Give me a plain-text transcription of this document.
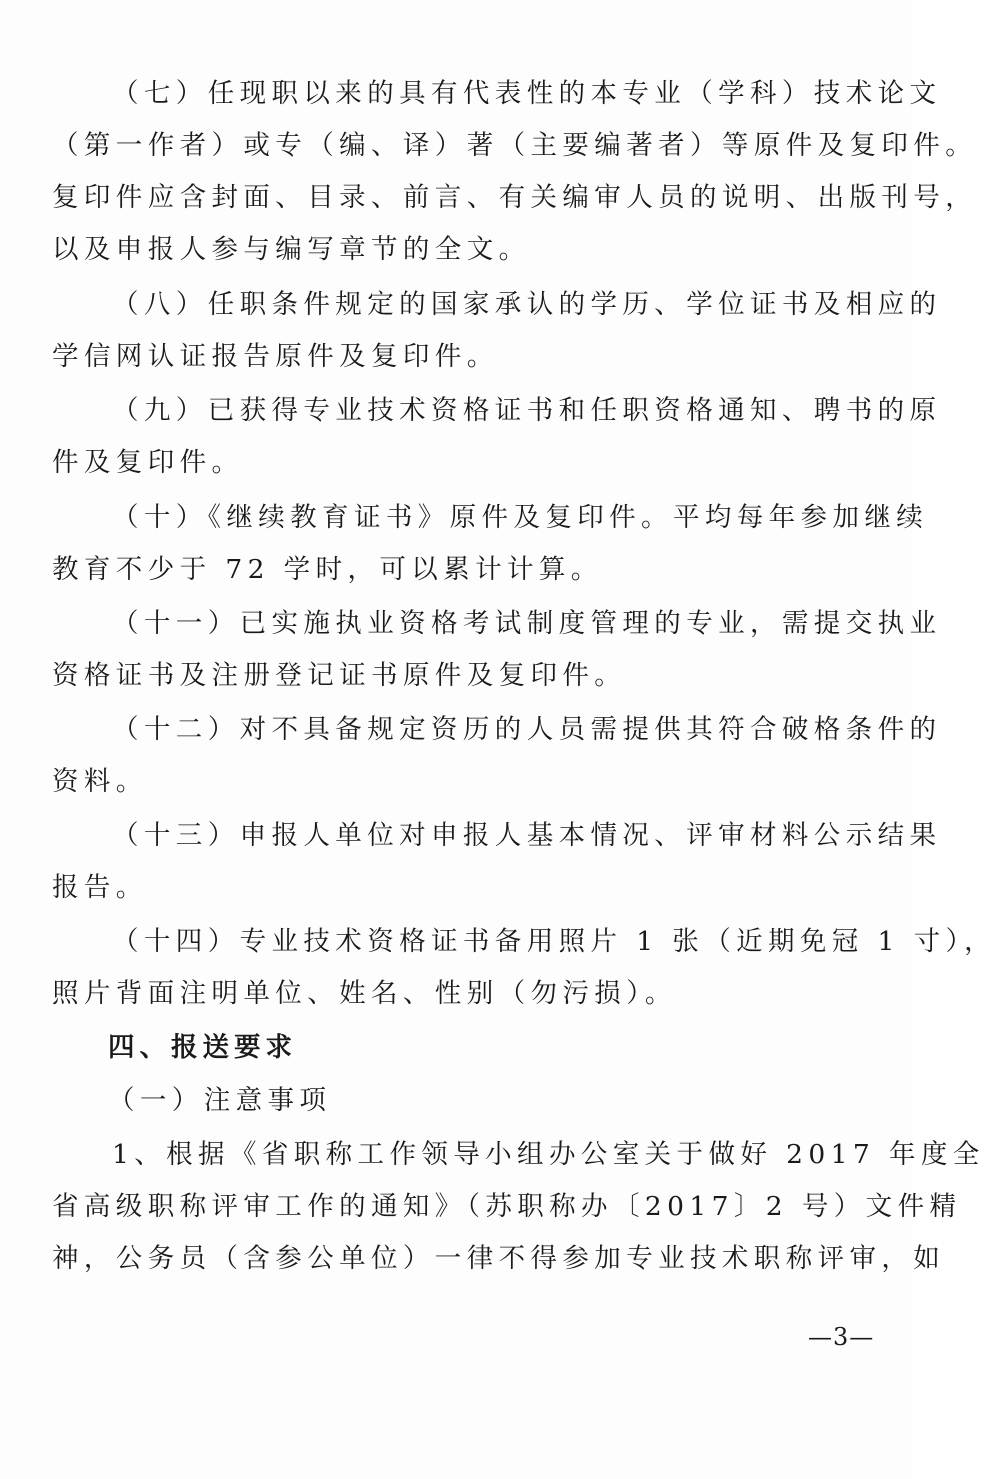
（七）任现职以来的具有代表性的本专业（学科）技术论文
（第一作者）或专（编、译）著（主要编著者）等原件及复印件。
复印件应含封面、目录、前言、有关编审人员的说明、出版刊号，
以及申报人参与编写章节的全文。
（八）任职条件规定的国家承认的学历、学位证书及相应的
学信网认证报告原件及复印件。
（九）已获得专业技术资格证书和任职资格通知、聘书的原
件及复印件。
（十）《继续教育证书》原件及复印件。平均每年参加继续
教育不少于 72 学时，可以累计计算。
（十一）已实施执业资格考试制度管理的专业，需提交执业
资格证书及注册登记证书原件及复印件。
（十二）对不具备规定资历的人员需提供其符合破格条件的
资料。
（十三）申报人单位对申报人基本情况、评审材料公示结果
报告。
（十四）专业技术资格证书备用照片 1 张（近期免冠 1 寸），
照片背面注明单位、姓名、性别（勿污损）。
四、报送要求
（一）注意事项
1、根据《省职称工作领导小组办公室关于做好 2017 年度全
省高级职称评审工作的通知》（苏职称办〔2017〕2 号）文件精
神，公务员（含参公单位）一律不得参加专业技术职称评审，如
—3—
